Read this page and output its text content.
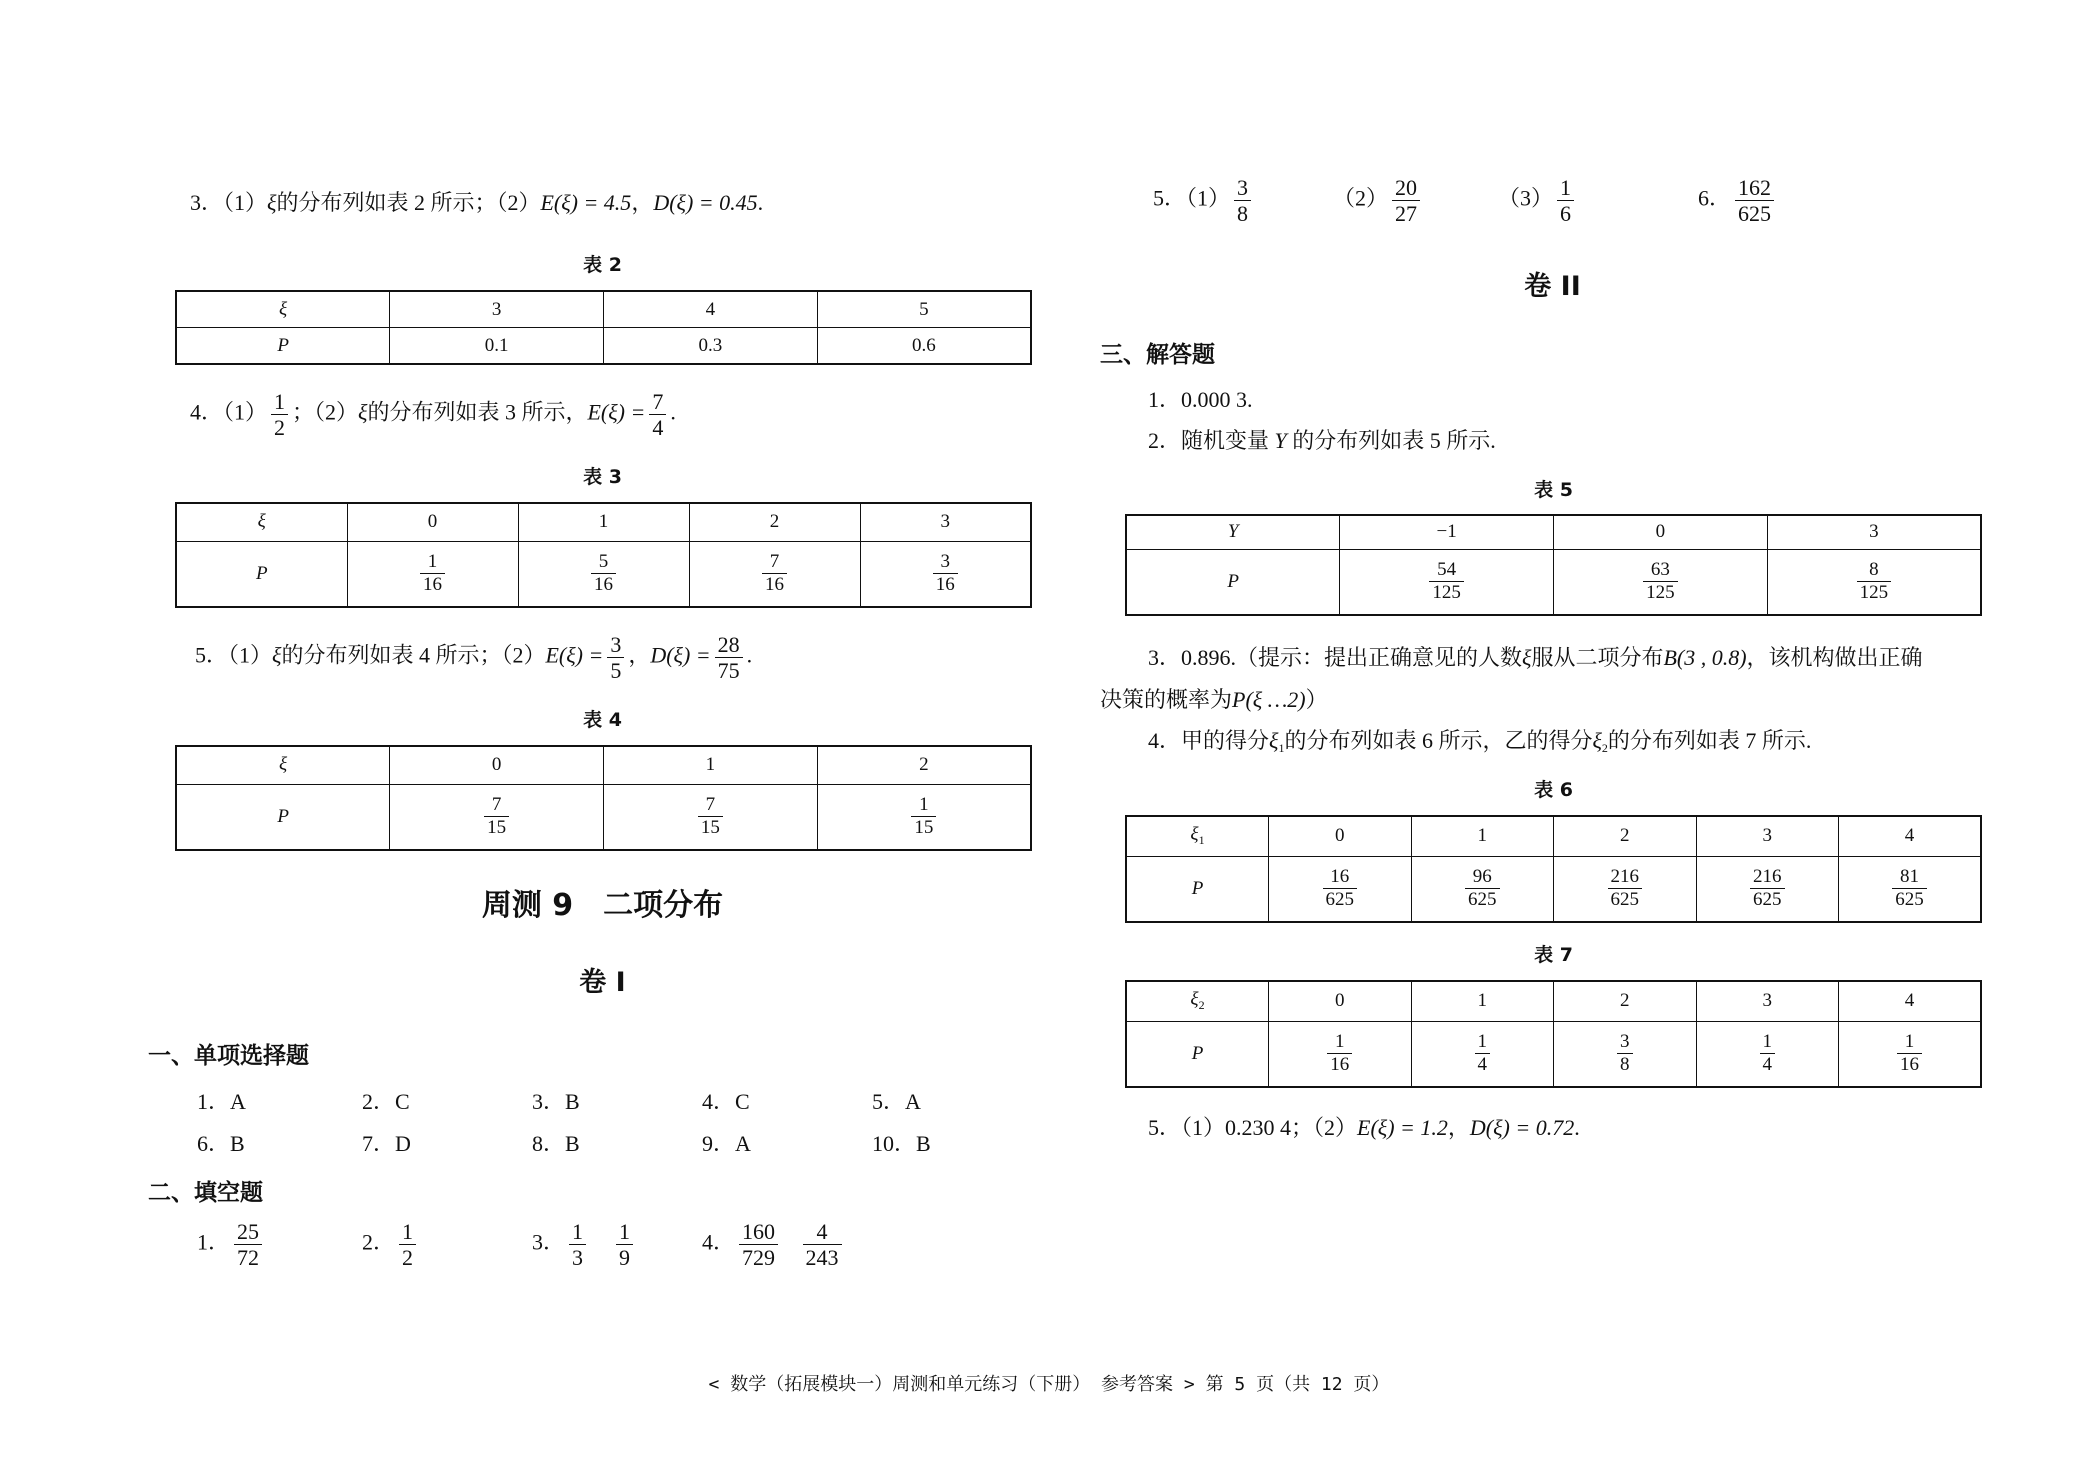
3．（1）ξ的分布列如表 2 所示；（2）E(ξ) = 4.5，D(ξ) = 0.45.
表 2
ξ	3	4	5
P	0.1	0.3	0.6
4．$(1) \frac{1}{2}$ ；（2）ξ的分布列如表 3 所示，$E(\xi) = \frac{7}{4}$ .
表 3
ξ	0	1	2	3
P	$\frac{1}{16}$	$\frac{5}{16}$	$\frac{7}{16}$	$\frac{3}{16}$
5．（1）ξ的分布列如表 4 所示；$(2)E(\xi) = \frac{3}{5}$ ，$D(\xi) = \frac{28}{75}$ .
表 4
ξ	0	1	2
P	$\frac{7}{15}$	$\frac{7}{15}$	$\frac{1}{15}$
周测 9　二项分布
卷 I
一、单项选择题
1．A	2．C	3．B	4．C	5．A
6．B	7．D	8．B	9．A	10．B
二、填空题
1． $\frac{25}{72}$	2． $\frac{1}{2}$	3． $\frac{1}{3}$
$\frac{1}{9}$	4． $\frac{160}{729}$
$\frac{4}{243}$
5．$(1) \frac{3}{8}$	$(2) \frac{20}{27}$	$(3) \frac{1}{6}$	6． $\frac{162}{625}$
卷 II
三、解答题
1．0.000 3.
2．随机变量 Y 的分布列如表 5 所示.
表 5
Y	−1	0	3
P	$\frac{54}{125}$	$\frac{63}{125}$	$\frac{8}{125}$
3．0.896.（提示：提出正确意见的人数ξ服从二项分布B(3 , 0.8)，该机构做出正确
决策的概率为P(ξ …2)）
4．甲的得分$\xi_1$的分布列如表 6 所示，乙的得分$\xi_2$的分布列如表 7 所示.
表 6
$\xi_1$	0	1	2	3	4
P	$\frac{16}{625}$	$\frac{96}{625}$	$\frac{216}{625}$	$\frac{216}{625}$	$\frac{81}{625}$
表 7
$\xi_2$	0	1	2	3	4
P	$\frac{1}{16}$	$\frac{1}{4}$	$\frac{3}{8}$	$\frac{1}{4}$	$\frac{1}{16}$
5．（1）0.230 4；（2）E(ξ) = 1.2，D(ξ) = 0.72.
< 数学（拓展模块一）周测和单元练习（下册） 参考答案 > 第 5 页（共 12 页）
